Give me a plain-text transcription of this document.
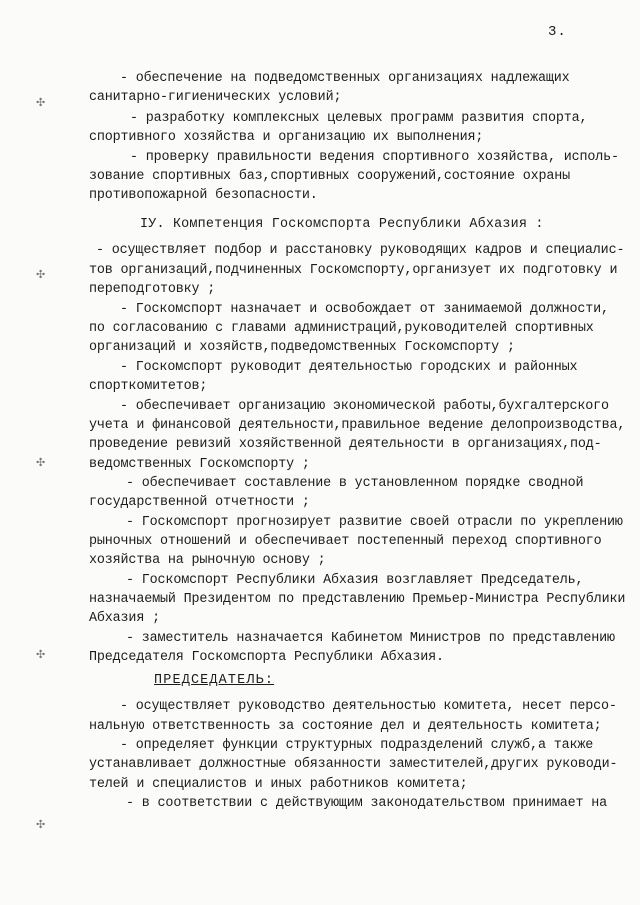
3.
✣
✣
✣
✣
✣
- обеспечение на подведомственных организациях надлежащих
санитарно-гигиенических условий;
- разработку комплексных целевых программ развития спорта,
спортивного хозяйства и организацию их выполнения;
- проверку правильности ведения спортивного хозяйства, исполь-
зование спортивных баз,спортивных сооружений,состояние охраны
противопожарной безопасности.
IУ. Компетенция Госкомспорта Республики Абхазия :
- осуществляет подбор и расстановку руководящих кадров и специалис-
тов организаций,подчиненных Госкомспорту,организует их подготовку и
переподготовку ;
- Госкомспорт назначает и освобождает от занимаемой должности,
по согласованию с главами администраций,руководителей спортивных
организаций и хозяйств,подведомственных Госкомспорту ;
- Госкомспорт руководит деятельностью городских и районных
спорткомитетов;
- обеспечивает организацию экономической работы,бухгалтерского
учета и финансовой деятельности,правильное ведение делопроизводства,
проведение ревизий хозяйственной деятельности в организациях,под-
ведомственных Госкомспорту ;
- обеспечивает составление в установленном порядке сводной
государственной отчетности ;
- Госкомспорт прогнозирует развитие своей отрасли по укреплению
рыночных отношений и обеспечивает постепенный переход спортивного
хозяйства на рыночную основу ;
- Госкомспорт Республики Абхазия возглавляет Председатель,
назначаемый Президентом по представлению Премьер-Министра Республики
Абхазия ;
- заместитель назначается Кабинетом Министров по представлению
Председателя Госкомспорта Республики Абхазия.
ПРЕДСЕДАТЕЛЬ:
- осуществляет руководство деятельностью комитета, несет персо-
нальную ответственность за состояние дел и деятельность комитета;
- определяет функции структурных подразделений служб,а также
устанавливает должностные обязанности заместителей,других руководи-
телей и специалистов и иных работников комитета;
- в соответствии с действующим законодательством принимает на
